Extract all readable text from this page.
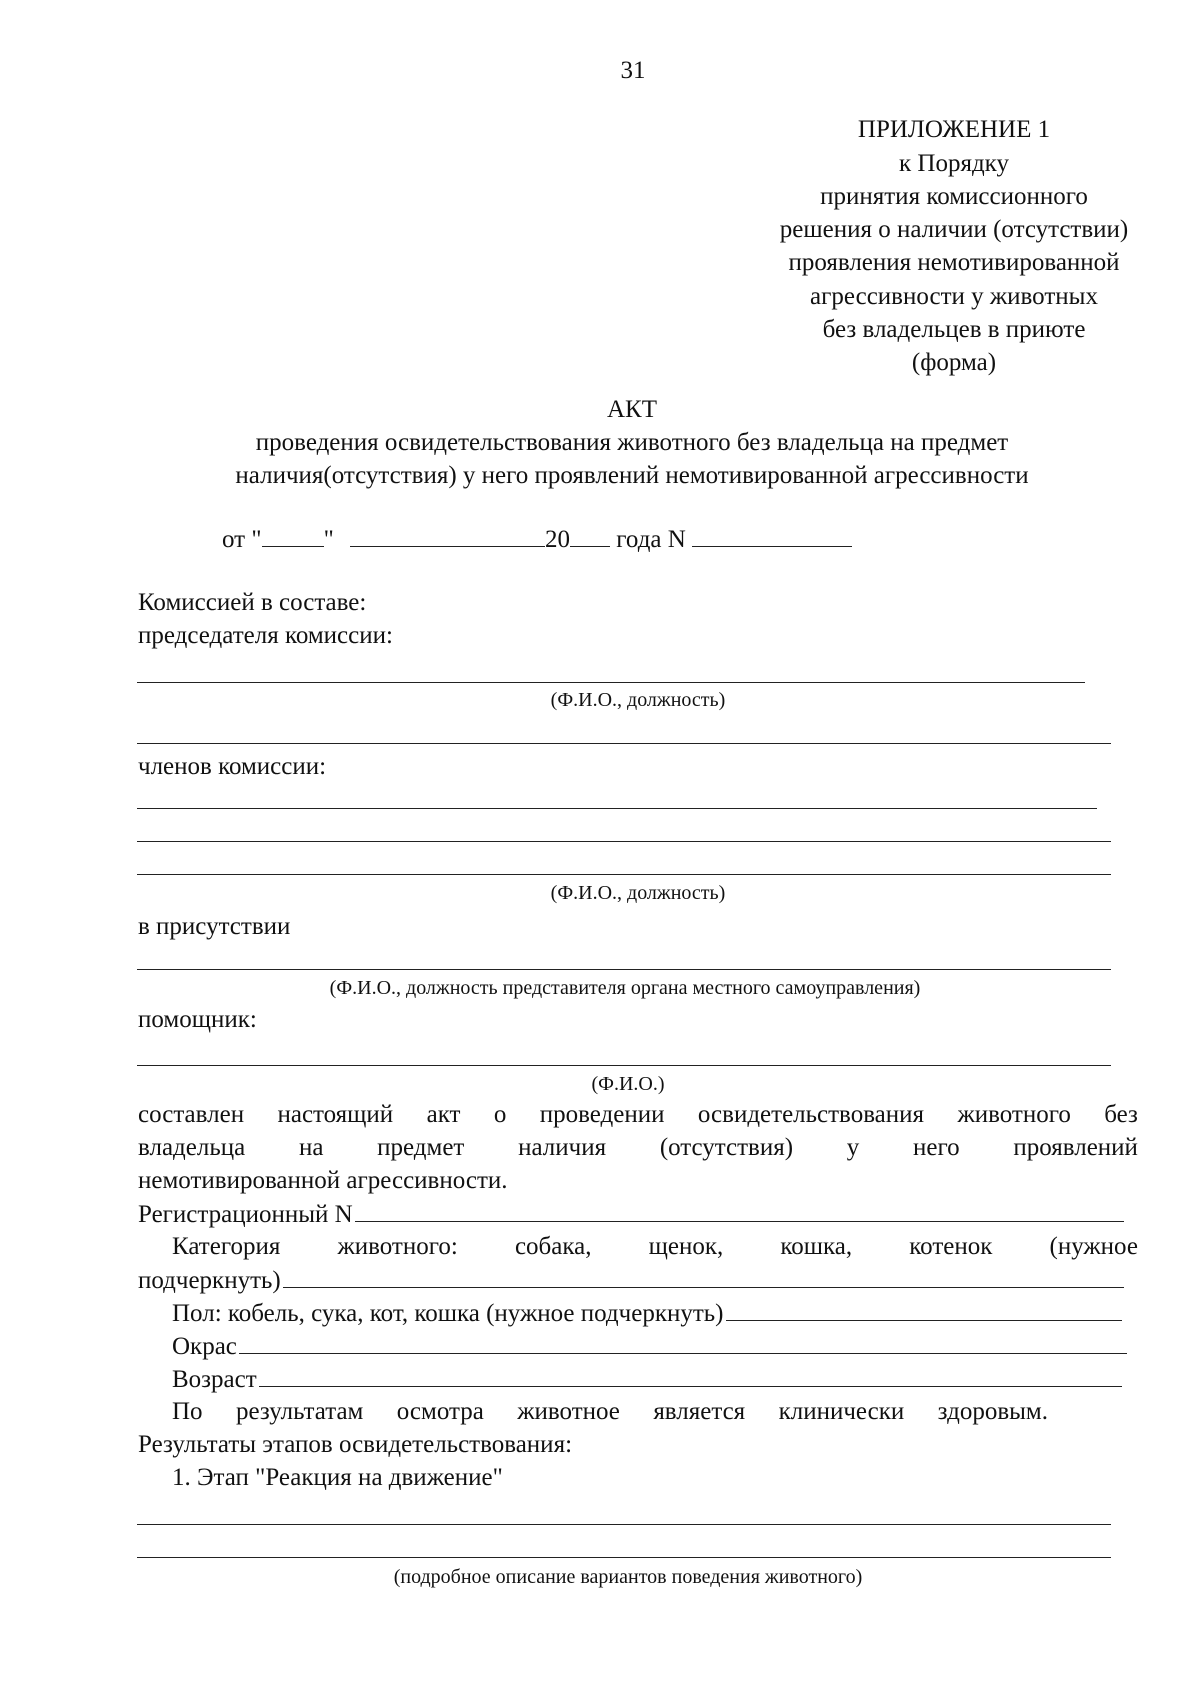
31
ПРИЛОЖЕНИЕ 1
к Порядку
принятия комиссионного
решения о наличии (отсутствии)
проявления немотивированной
агрессивности у животных
без владельцев в приюте
(форма)
АКТ
проведения освидетельствования животного без владельца на предмет
наличия(отсутствия) у него проявлений немотивированной агрессивности
от " "	20 года N
Комиссией в составе:
председателя комиссии:
(Ф.И.О., должность)
членов комиссии:
(Ф.И.О., должность)
в присутствии
(Ф.И.О., должность представителя органа местного самоуправления)
помощник:
(Ф.И.О.)
составлен настоящий акт о проведении освидетельствования животного без
владельца на предмет наличия (отсутствия) у него проявлений
немотивированной агрессивности.
Регистрационный N
Категория животного: собака, щенок, кошка, котенок (нужное
подчеркнуть)
Пол: кобель, сука, кот, кошка (нужное подчеркнуть)
Окрас
Возраст
По результатам осмотра животное является клинически здоровым.
Результаты этапов освидетельствования:
1. Этап "Реакция на движение"
(подробное описание вариантов поведения животного)
